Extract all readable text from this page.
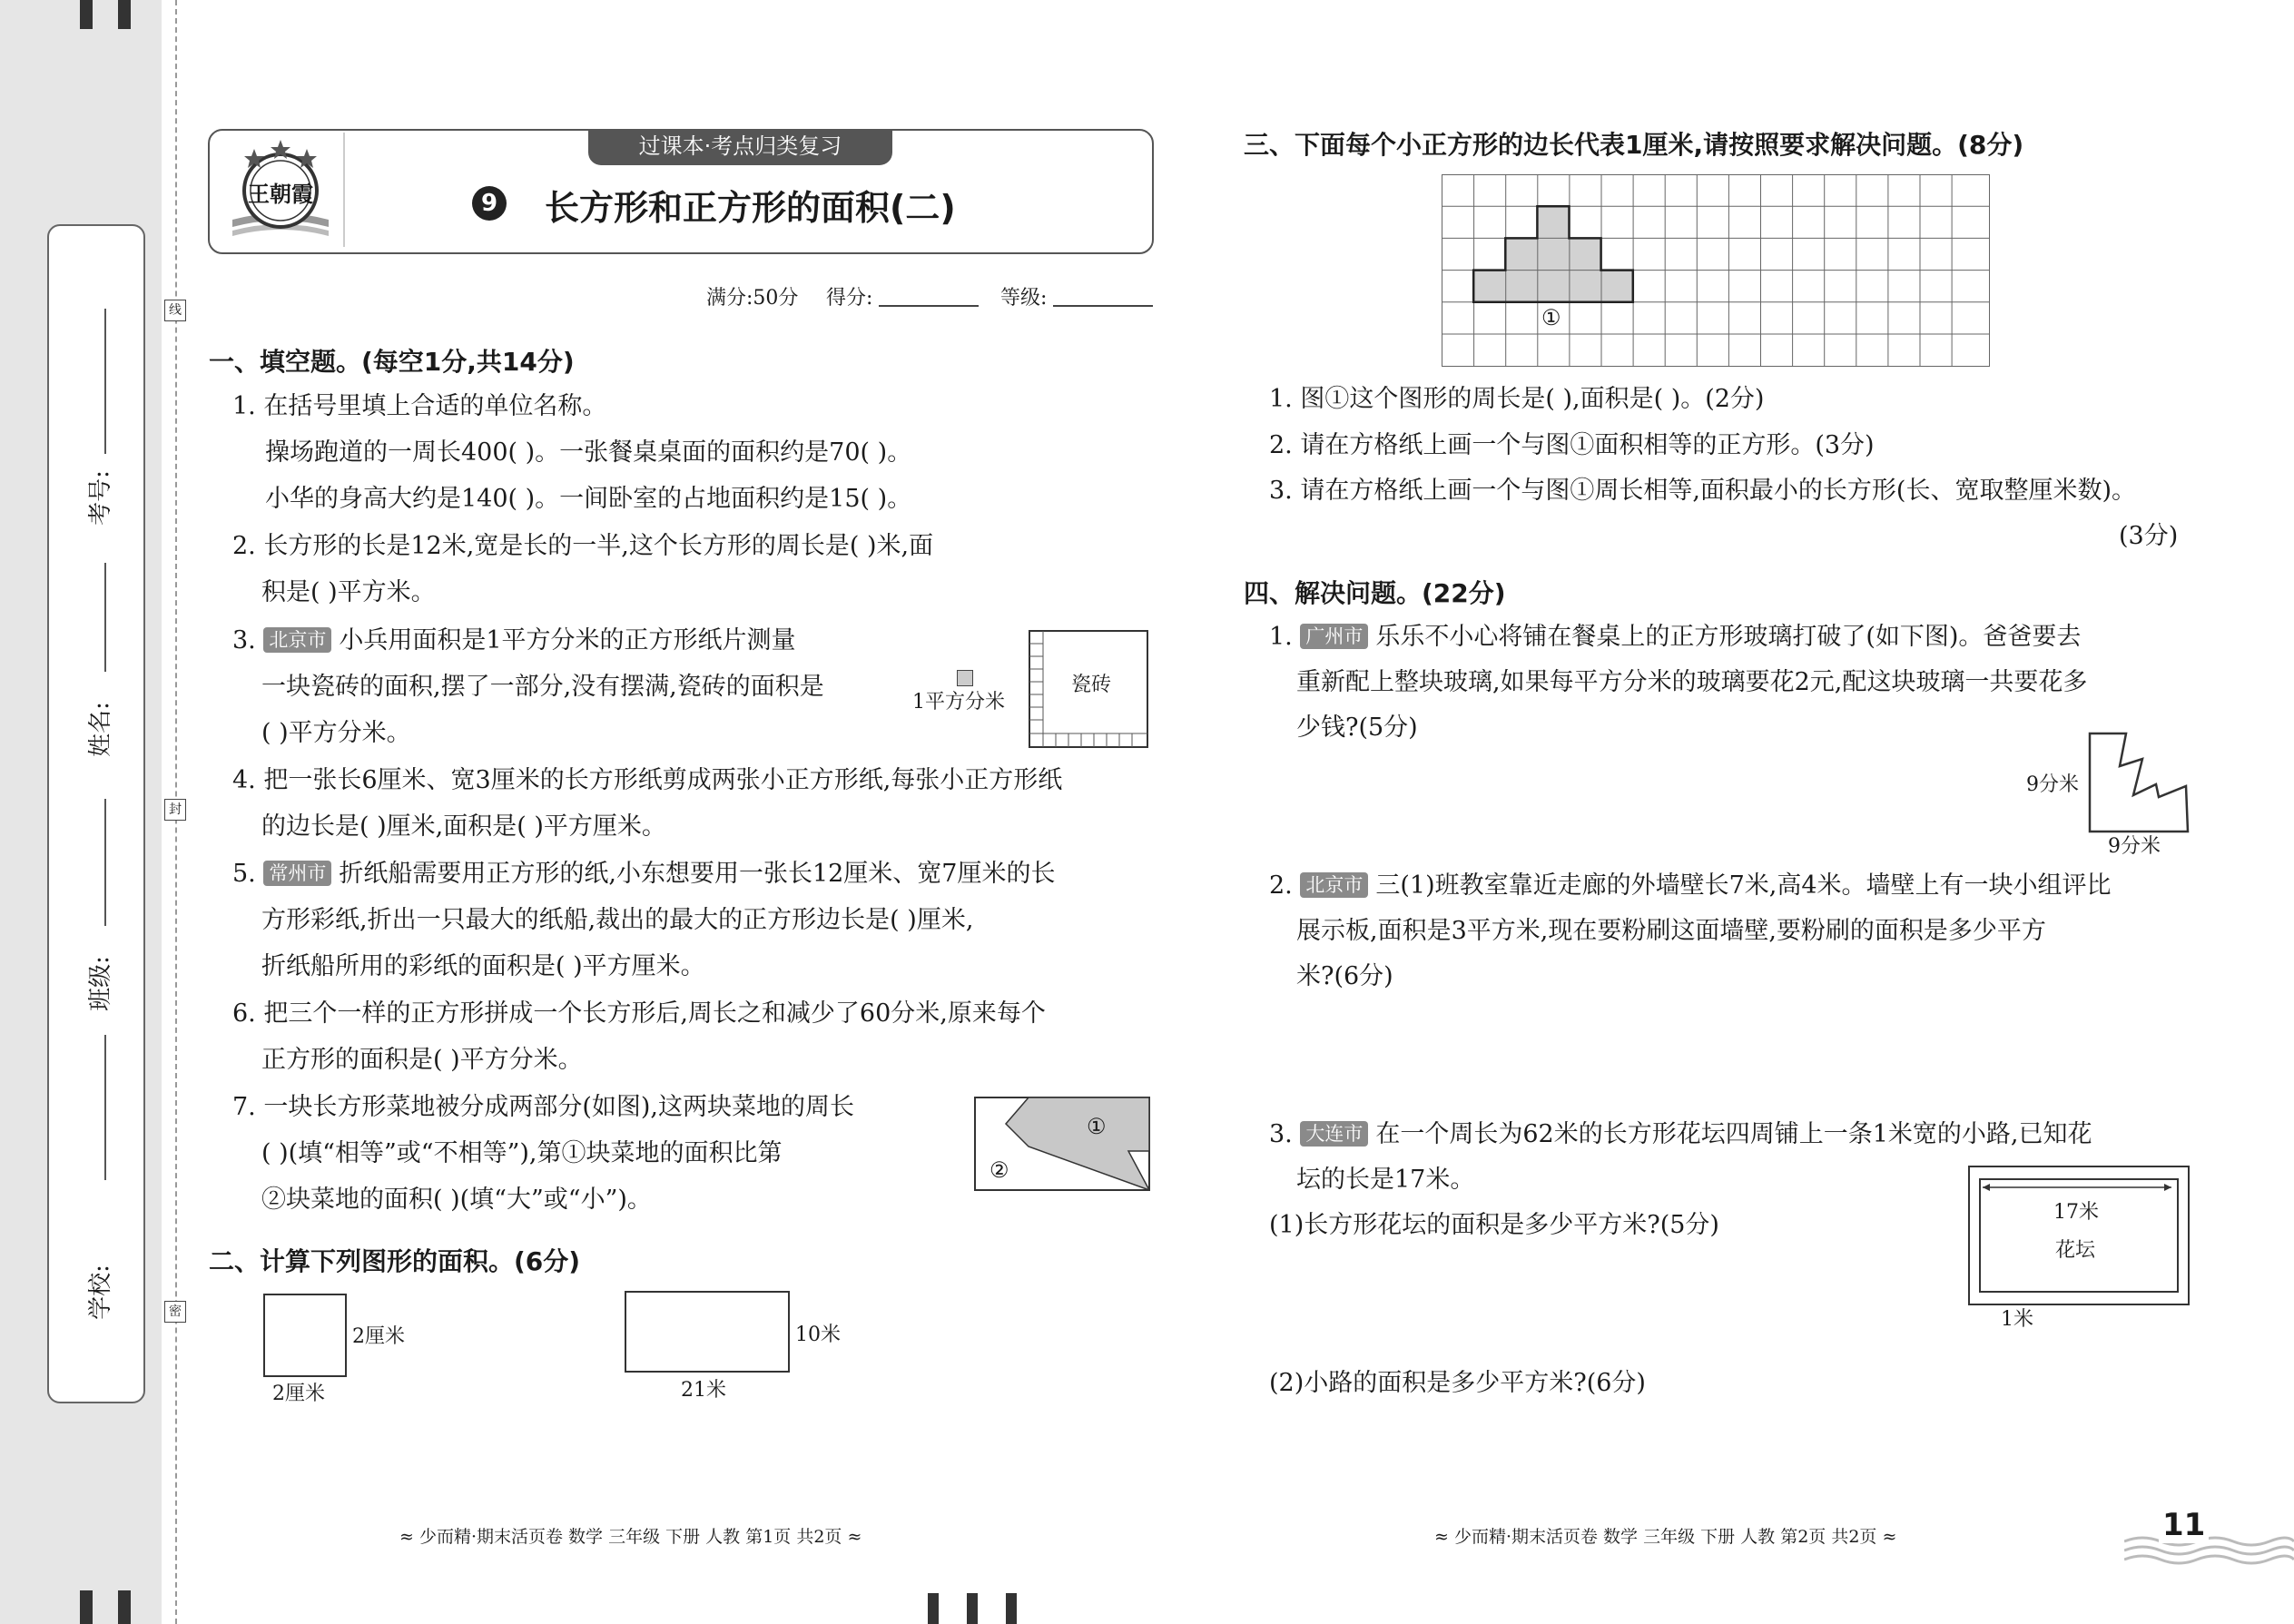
考号:
姓名:
班级:
学校:
线
封
密
王朝霞
过课本·考点归类复习
9 长方形和正方形的面积(二)
满分:50分 得分:	等级:
一、填空题。(每空1分,共14分)
1. 在括号里填上合适的单位名称。
操场跑道的一周长400( )。一张餐桌桌面的面积约是70( )。
小华的身高大约是140( )。一间卧室的占地面积约是15( )。
2. 长方形的长是12米,宽是长的一半,这个长方形的周长是( )米,面
积是( )平方米。
3. 北京市 小兵用面积是1平方分米的正方形纸片测量
一块瓷砖的面积,摆了一部分,没有摆满,瓷砖的面积是
( )平方分米。
1平方分米
瓷砖
4. 把一张长6厘米、宽3厘米的长方形纸剪成两张小正方形纸,每张小正方形纸
的边长是( )厘米,面积是( )平方厘米。
5. 常州市 折纸船需要用正方形的纸,小东想要用一张长12厘米、宽7厘米的长
方形彩纸,折出一只最大的纸船,裁出的最大的正方形边长是( )厘米,
折纸船所用的彩纸的面积是( )平方厘米。
6. 把三个一样的正方形拼成一个长方形后,周长之和减少了60分米,原来每个
正方形的面积是( )平方分米。
7. 一块长方形菜地被分成两部分(如图),这两块菜地的周长
( )(填“相等”或“不相等”),第①块菜地的面积比第
②块菜地的面积( )(填“大”或“小”)。
①
②
二、计算下列图形的面积。(6分)
2厘米
2厘米
10米
21米
≈ 少而精·期末活页卷 数学 三年级 下册 人教 第1页 共2页 ≈
三、下面每个小正方形的边长代表1厘米,请按照要求解决问题。(8分)
①
1. 图①这个图形的周长是( ),面积是( )。(2分)
2. 请在方格纸上画一个与图①面积相等的正方形。(3分)
3. 请在方格纸上画一个与图①周长相等,面积最小的长方形(长、宽取整厘米数)。
(3分)
四、解决问题。(22分)
1. 广州市 乐乐不小心将铺在餐桌上的正方形玻璃打破了(如下图)。爸爸要去
重新配上整块玻璃,如果每平方分米的玻璃要花2元,配这块玻璃一共要花多
少钱?(5分)
9分米
9分米
2. 北京市 三(1)班教室靠近走廊的外墙壁长7米,高4米。墙壁上有一块小组评比
展示板,面积是3平方米,现在要粉刷这面墙壁,要粉刷的面积是多少平方
米?(6分)
3. 大连市 在一个周长为62米的长方形花坛四周铺上一条1米宽的小路,已知花
坛的长是17米。
(1)长方形花坛的面积是多少平方米?(5分)
(2)小路的面积是多少平方米?(6分)
17米
花坛
1米
≈ 少而精·期末活页卷 数学 三年级 下册 人教 第2页 共2页 ≈	11
